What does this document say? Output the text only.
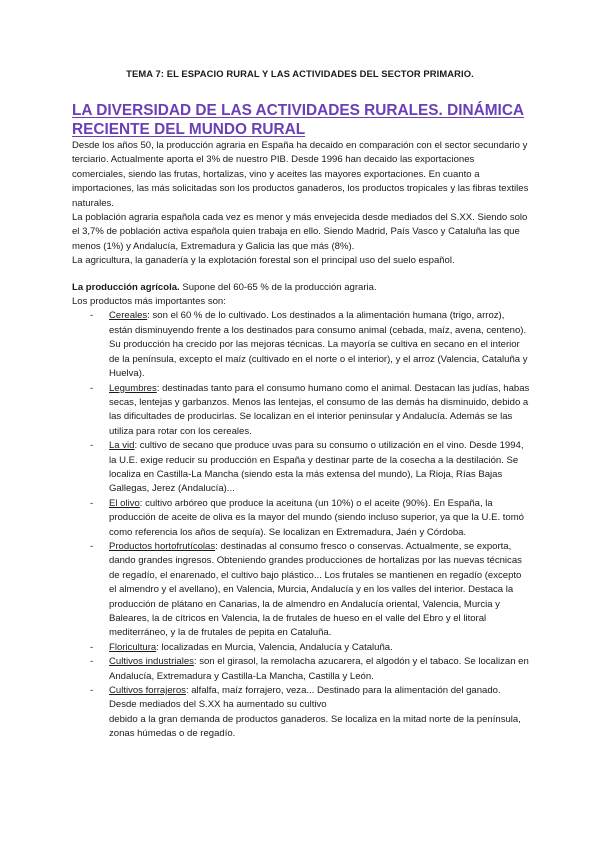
TEMA 7: EL ESPACIO RURAL Y LAS ACTIVIDADES DEL SECTOR PRIMARIO.
LA DIVERSIDAD DE LAS ACTIVIDADES RURALES. DINÁMICA RECIENTE DEL MUNDO RURAL

Desde los años 50, la producción agraria en España ha decaido en comparación con el sector secundario y terciario. Actualmente aporta el 3% de nuestro PIB. Desde 1996 han decaido las exportaciones comerciales, siendo las frutas, hortalizas, vino y aceites las mayores exportaciones. En cuanto a importaciones, las más solicitadas son los productos ganaderos, los productos tropicales y las fibras textiles naturales.

La población agraria española cada vez es menor y más envejecida desde mediados del S.XX. Siendo solo el 3,7% de población activa española quien trabaja en ello. Siendo Madrid, País Vasco y Cataluña las que menos (1%) y Andalucía, Extremadura y Galicia las que más (8%).

La agricultura, la ganadería y la explotación forestal son el principal uso del suelo español.

La producción agrícola. Supone del 60-65 % de la producción agraria.

Los productos más importantes son:

- Cereales: son el 60 % de lo cultivado. Los destinados a la alimentación humana (trigo, arroz), están disminuyendo frente a los destinados para consumo animal (cebada, maíz, avena, centeno). Su producción ha crecido por las mejoras técnicas. La mayoría se cultiva en secano en el interior de la península, excepto el maíz (cultivado en el norte o el interior), y el arroz (Valencia, Cataluña y Huelva).
- Legumbres: destinadas tanto para el consumo humano como el animal. Destacan las judías, habas secas, lentejas y garbanzos. Menos las lentejas, el consumo de las demás ha disminuido, debido a las dificultades de producirlas. Se localizan en el interior peninsular y Andalucía. Además se las utiliza para rotar con los cereales.
- La vid: cultivo de secano que produce uvas para su consumo o utilización en el vino. Desde 1994, la U.E. exige reducir su producción en España y destinar parte de la cosecha a la destilación. Se localiza en Castilla-La Mancha (siendo esta la más extensa del mundo), La Rioja, Rías Bajas Gallegas, Jerez (Andalucía)...
- El olivo: cultivo arbóreo que produce la aceituna (un 10%) o el aceite (90%). En España, la producción de aceite de oliva es la mayor del mundo (siendo incluso superior, ya que la U.E. tomó como referencia los años de sequía). Se localizan en Extremadura, Jaén y Córdoba.
- Productos hortofrutícolas: destinadas al consumo fresco o conservas. Actualmente, se exporta, dando grandes ingresos. Obteniendo grandes producciones de hortalizas por las nuevas técnicas de regadío, el enarenado, el cultivo bajo plástico... Los frutales se mantienen en regadío (excepto el almendro y el avellano), en Valencia, Murcia, Andalucía y en los valles del interior. Destaca la producción de plátano en Canarias, la de almendro en Andalucía oriental, Valencia, Murcia y Baleares, la de cítricos en Valencia, la de frutales de hueso en el valle del Ebro y el litoral mediterráneo, y la de frutales de pepita en Cataluña.
- Floricultura: localizadas en Murcia, Valencia, Andalucía y Cataluña.
- Cultivos industriales: son el girasol, la remolacha azucarera, el algodón y el tabaco. Se localizan en Andalucía, Extremadura y Castilla-La Mancha, Castilla y León.
- Cultivos forrajeros: alfalfa, maíz forrajero, veza... Destinado para la alimentación del ganado. Desde mediados del S.XX ha aumentado su cultivo
debido a la gran demanda de productos ganaderos. Se localiza en la mitad norte de la península, zonas húmedas o de regadío.
